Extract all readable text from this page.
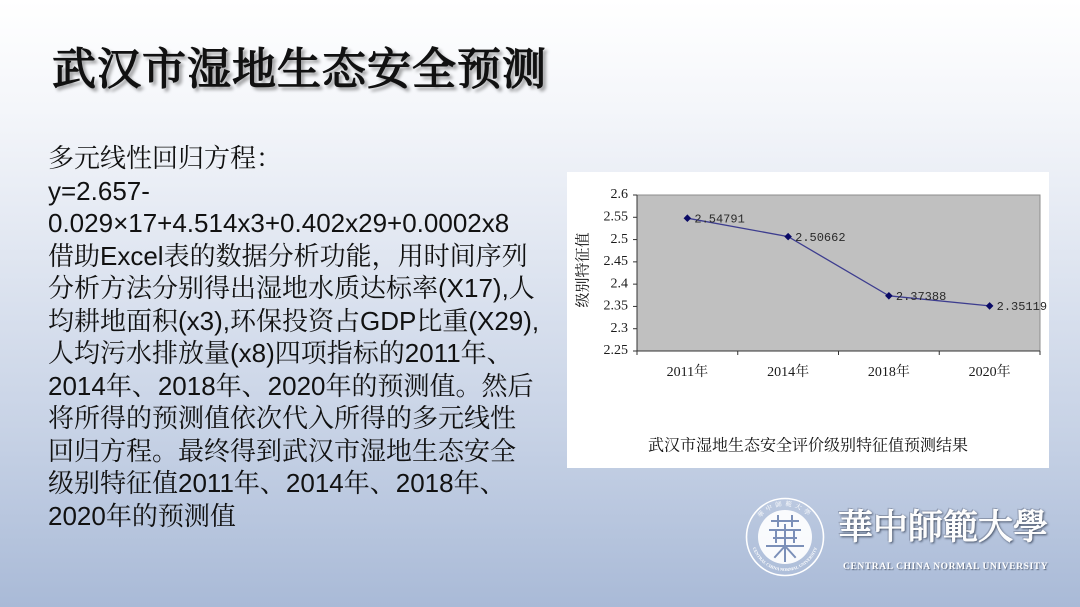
武汉市湿地生态安全预测
多元线性回归方程：
y=2.657-
0.029×17+4.514x3+0.402x29+0.0002x8
借助Excel表的数据分析功能，用时间序列
分析方法分别得出湿地水质达标率(X17),人
均耕地面积(x3),环保投资占GDP比重(X29),
人均污水排放量(x8)四项指标的2011年、
2014年、2018年、2020年的预测值。然后
将所得的预测值依次代入所得的多元线性
回归方程。最终得到武汉市湿地生态安全
级别特征值2011年、2014年、2018年、
2020年的预测值
2.6
2.55
2.5
2.45
2.4
2.35
2.3
2.25
2011年	2014年	2018年	2020年
2.54791
2.50662
2.37388
2.35119
级别特征值
武汉市湿地生态安全评价级别特征值预测结果
華中師範大學
CENTRAL CHINA NORMAL UNIVERSITY
華中師範大學
CENTRAL CHINA NORMAL UNIVERSITY
